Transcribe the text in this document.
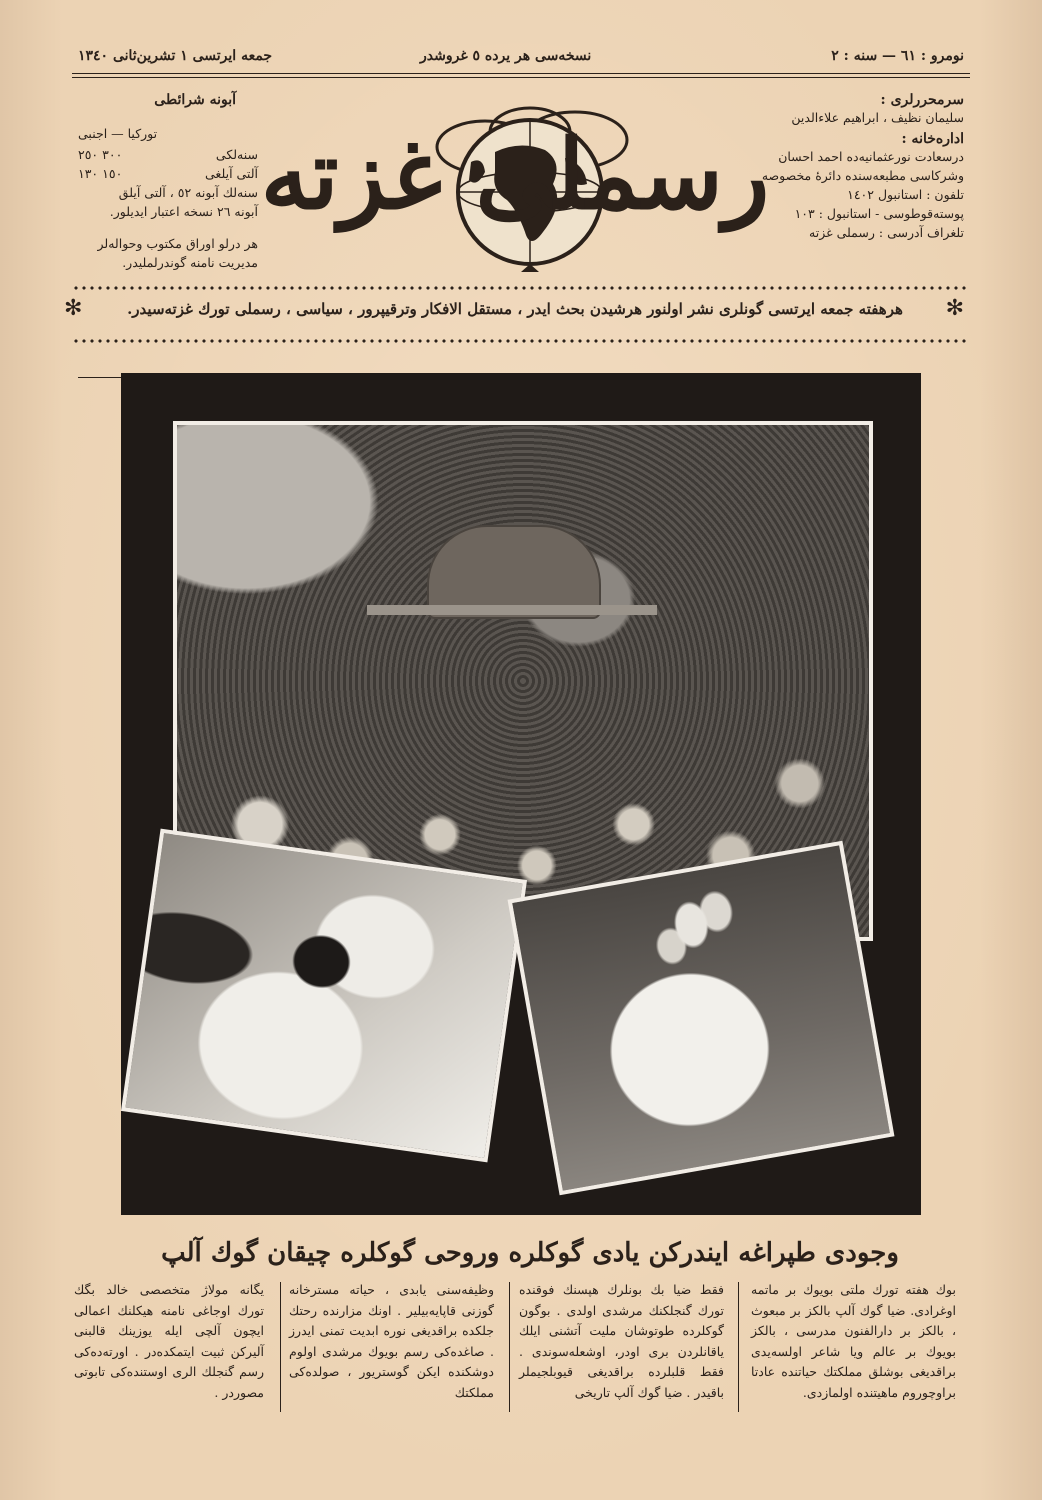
نومرو : ٦١ — سنه : ٢
نسخه‌سی هر یرده ٥ غروشدر
جمعه ايرتسی ١ تشرين‌ثانی ١٣٤٠
آبونه شرائطی
توركيا — اجنبی
سنه‌لكی
٣٠٠ ٢٥٠
آلتی آيلغی
١٥٠ ١٣٠
سنه‌لك آبونه ٥٢ ، آلتی آيلق
آبونه ٢٦ نسخه اعتبار ايديلور.
هر درلو اوراق مكتوب وحواله‌لر
مديريت نامنه گوندرلمليدر.
رسملی غزته
سرمحررلری :
سليمان نظيف ، ابراهيم علاءالدين
اداره‌خانه :
درسعادت نورعثمانيه‌ده احمد احسان
وشركاسی مطبعه‌سنده دائرهٔ مخصوصه
تلفون : استانبول ١٤٠٢
پوسته‌قوطوسی - استانبول : ١٠٣
تلغراف آدرسی : رسملی غزته
✻
هرهفته جمعه ايرتسی گونلری نشر اولنور هرشيدن بحث ايدر ، مستقل الافكار وترقيپرور ، سياسی ، رسملی تورك غزته‌سيدر.
✻
وجودی طپراغه ايندركن يادی گوكلره وروحی گوكلره چيقان گوك آلپ

بوك هفته تورك ملتی بويوك بر ماتمه اوغرادی. ضيا گوك آلپ بالكز بر مبعوث ، بالكز بر دارالفنون مدرسی ، بالكز بويوك بر عالم ويا شاعر اولسه‌يدی براقديغی بوشلق مملكتك حياتنده عادتا براوچوروم ماهيتنده اولمازدی.

فقط ضيا بك بونلرك هپسنك فوقنده تورك گنجلكنك مرشدی اولدی . بوگون گوكلرده طوتوشان مليت آتشنی ايلك ياقانلردن بری اودر، اوشعله‌سوندی . فقط قلبلرده براقديغی قيوبلجيملر باقيدر . ضيا گوك آلپ تاريخی

وظيفه‌سنی يابدی ، حياته مسترخانه گوزنی قاپايه‌بيلير . اونك مزارنده رحتك جلكده براقديغی نوره ابديت تمنی ايدرز . صاغده‌كی رسم بويوك مرشدی اولوم دوشكنده ايكن گوستريور ، صولده‌كی مملكتك

يگانه مولاژ متخصصی خالد بگك تورك اوجاغی نامنه هيكلنك اعمالی ايچون آلچی ايله يوزينك قالبنی آليركن ثبيت ايتمكده‌در . اورته‌ده‌كی رسم گنجلك الری اوستنده‌كی تابوتی مصوردر .
